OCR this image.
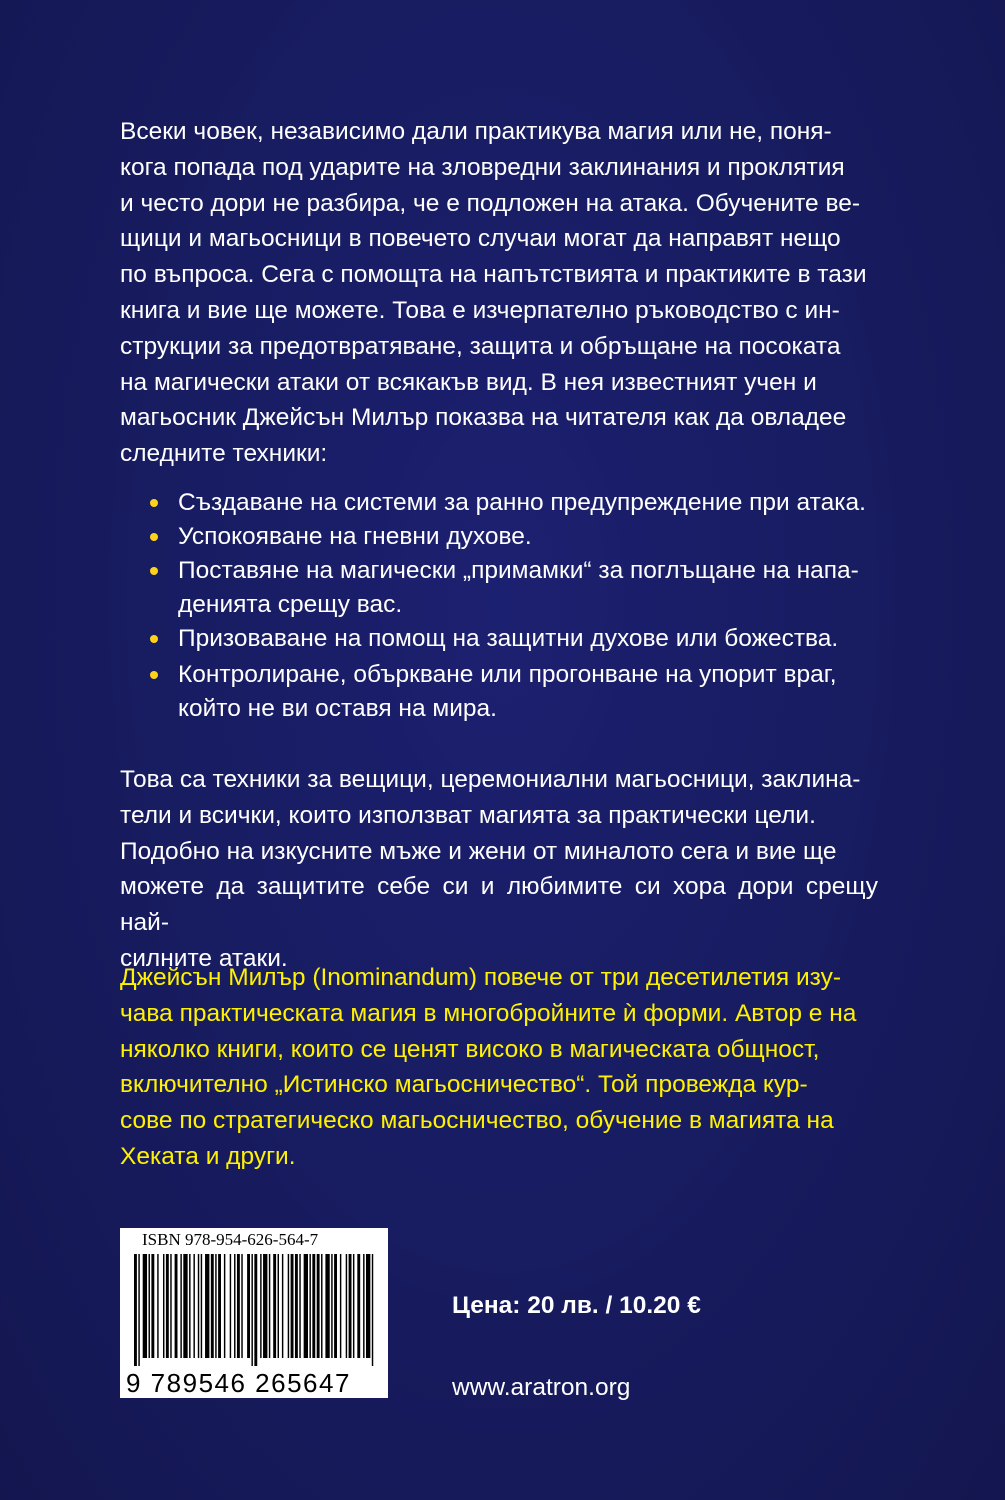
Всеки човек, независимо дали практикува магия или не, поня-

кога попада под ударите на зловредни заклинания и проклятия

и често дори не разбира, че е подложен на атака. Обучените ве-

щици и магьосници в повечето случаи могат да направят нещо

по въпроса. Сега с помощта на напътствията и практиките в тази

книга и вие ще можете. Това е изчерпателно ръководство с ин-

струкции за предотвратяване, защита и обръщане на посоката

на магически атаки от всякакъв вид. В нея известният учен и

магьосник Джейсън Милър показва на читателя как да овладее

следните техники:

Създаване на системи за ранно предупреждение при атака.
Успокояване на гневни духове.
Поставяне на магически „примамки“ за поглъщане на напа-
денията срещу вас.
Призоваване на помощ на защитни духове или божества.
Контролиране, объркване или прогонване на упорит враг,
който не ви оставя на мира.

Това са техники за вещици, церемониални магьосници, заклина-

тели и всички, които използват магията за практически цели.

Подобно на изкусните мъже и жени от миналото сега и вие ще

можете да защитите себе си и любимите си хора дори срещу най-

силните атаки.

Джейсън Милър (Inominandum) повече от три десетилетия изу-

чава практическата магия в многобройните ѝ форми. Автор е на

няколко книги, които се ценят високо в магическата общност,

включително „Истинско магьосничество“. Той провежда кур-

сове по стратегическо магьосничество, обучение в магията на

Хеката и други.

ISBN 978-954-626-564-7
9 789546 265647
Цена: 20 лв. / 10.20 €
www.aratron.org
